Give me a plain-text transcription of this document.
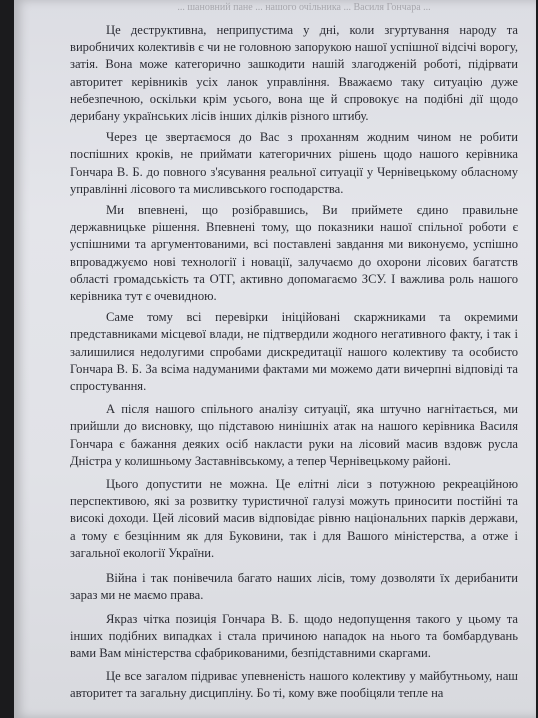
... шановний пане ... нашого очільника ... Василя Гончара ...

Це деструктивна, неприпустима у дні, коли згуртування народу та виробничих колективів є чи не головною запорукою нашої успішної відсічі ворогу, затія. Вона може категорично зашкодити нашій злагодженій роботі, підірвати авторитет керівників усіх ланок управління. Вважаємо таку ситуацію дуже небезпечною, оскільки крім усього, вона ще й спровокує на подібні дії щодо дерибану українських лісів інших ділків різного штибу.

Через це звертаємося до Вас з проханням жодним чином не робити поспішних кроків, не приймати категоричних рішень щодо нашого керівника Гончара В. Б. до повного з'ясування реальної ситуації у Чернівецькому обласному управлінні лісового та мисливського господарства.

Ми впевнені, що розібравшись, Ви приймете єдино правильне державницьке рішення. Впевнені тому, що показники нашої спільної роботи є успішними та аргументованими, всі поставлені завдання ми виконуємо, успішно впроваджуємо нові технології і новації, залучаємо до охорони лісових багатств області громадськість та ОТГ, активно допомагаємо ЗСУ. І важлива роль нашого керівника тут є очевидною.

Саме тому всі перевірки ініційовані скаржниками та окремими представниками місцевої влади, не підтвердили жодного негативного факту, і так і залишилися недолугими спробами дискредитації нашого колективу та особисто Гончара В. Б. За всіма надуманими фактами ми можемо дати вичерпні відповіді та спростування.

А після нашого спільного аналізу ситуації, яка штучно нагнітається, ми прийшли до висновку, що підставою нинішніх атак на нашого керівника Василя Гончара є бажання деяких осіб накласти руки на лісовий масив вздовж русла Дністра у колишньому Заставнівському, а тепер Чернівецькому районі.

Цього допустити не можна. Це елітні ліси з потужною рекреаційною перспективою, які за розвитку туристичної галузі можуть приносити постійні та високі доходи. Цей лісовий масив відповідає рівню національних парків держави, а тому є безцінним як для Буковини, так і для Вашого міністерства, а отже і загальної екології України.

Війна і так понівечила багато наших лісів, тому дозволяти їх дерибанити зараз ми не маємо права.

Якраз чітка позиція Гончара В. Б. щодо недопущення такого у цьому та інших подібних випадках і стала причиною нападок на нього та бомбардувань вами Вам міністерства сфабрикованими, безпідставними скаргами.

Це все загалом підриває упевненість нашого колективу у майбутньому, наш авторитет та загальну дисципліну. Бо ті, кому вже пообіцяли тепле на
